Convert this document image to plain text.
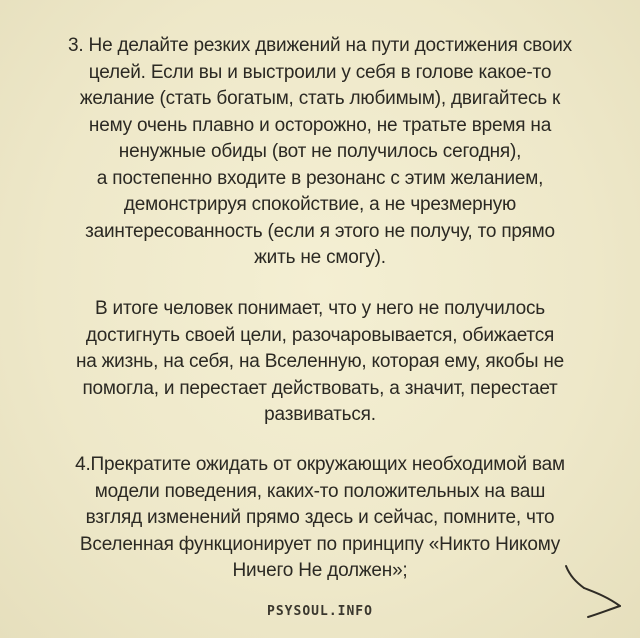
3. Не делайте резких движений на пути достижения своих
целей. Если вы и выстроили у себя в голове какое-то
желание (стать богатым, стать любимым), двигайтесь к
нему очень плавно и осторожно, не тратьте время на
ненужные обиды (вот не получилось сегодня),
а постепенно входите в резонанс с этим желанием,
демонстрируя спокойствие, а не чрезмерную
заинтересованность (если я этого не получу, то прямо
жить не смогу).
В итоге человек понимает, что у него не получилось
достигнуть своей цели, разочаровывается, обижается
на жизнь, на себя, на Вселенную, которая ему, якобы не
помогла, и перестает действовать, а значит, перестает
развиваться.
4.Прекратите ожидать от окружающих необходимой вам
модели поведения, каких-то положительных на ваш
взгляд изменений прямо здесь и сейчас, помните, что
Вселенная функционирует по принципу «Никто Никому
Ничего Не должен»;
PSYSOUL.INFO
